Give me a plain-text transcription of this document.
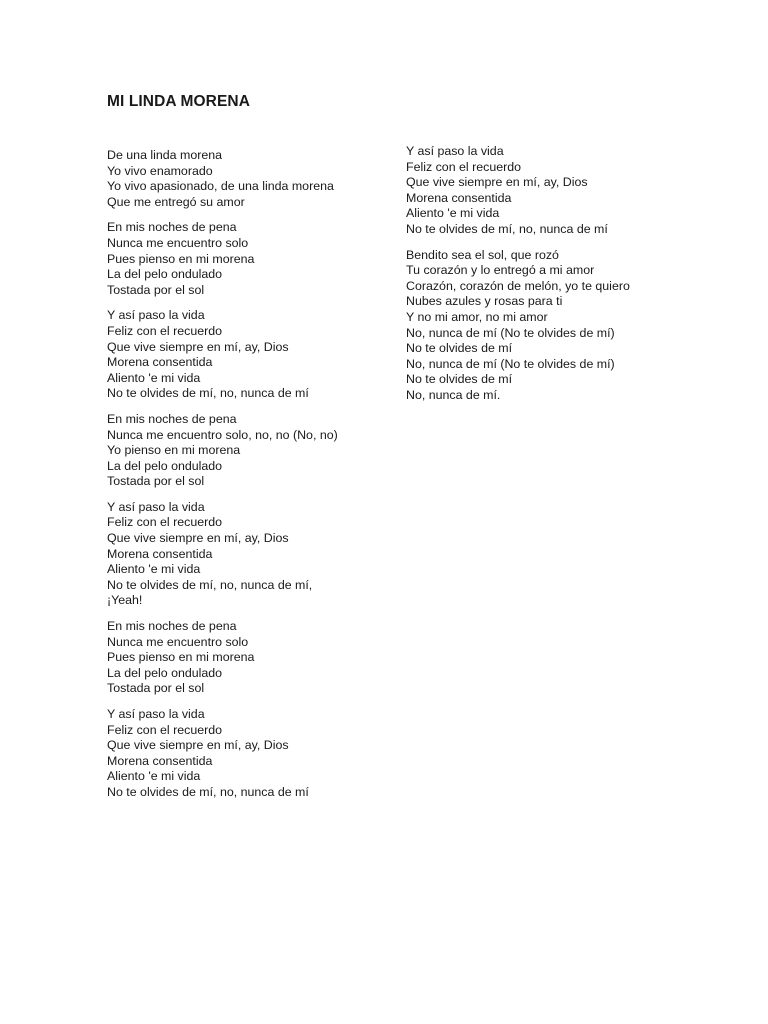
MI LINDA MORENA
De una linda morena
Yo vivo enamorado
Yo vivo apasionado, de una linda morena
Que me entregó su amor
En mis noches de pena
Nunca me encuentro solo
Pues pienso en mi morena
La del pelo ondulado
Tostada por el sol
Y así paso la vida
Feliz con el recuerdo
Que vive siempre en mí, ay, Dios
Morena consentida
Aliento 'e mi vida
No te olvides de mí, no, nunca de mí
En mis noches de pena
Nunca me encuentro solo, no, no (No, no)
Yo pienso en mi morena
La del pelo ondulado
Tostada por el sol
Y así paso la vida
Feliz con el recuerdo
Que vive siempre en mí, ay, Dios
Morena consentida
Aliento 'e mi vida
No te olvides de mí, no, nunca de mí,
¡Yeah!
En mis noches de pena
Nunca me encuentro solo
Pues pienso en mi morena
La del pelo ondulado
Tostada por el sol
Y así paso la vida
Feliz con el recuerdo
Que vive siempre en mí, ay, Dios
Morena consentida
Aliento 'e mi vida
No te olvides de mí, no, nunca de mí
Y así paso la vida
Feliz con el recuerdo
Que vive siempre en mí, ay, Dios
Morena consentida
Aliento 'e mi vida
No te olvides de mí, no, nunca de mí
Bendito sea el sol, que rozó
Tu corazón y lo entregó a mi amor
Corazón, corazón de melón, yo te quiero
Nubes azules y rosas para ti
Y no mi amor, no mi amor
No, nunca de mí (No te olvides de mí)
No te olvides de mí
No, nunca de mí (No te olvides de mí)
No te olvides de mí
No, nunca de mí.
